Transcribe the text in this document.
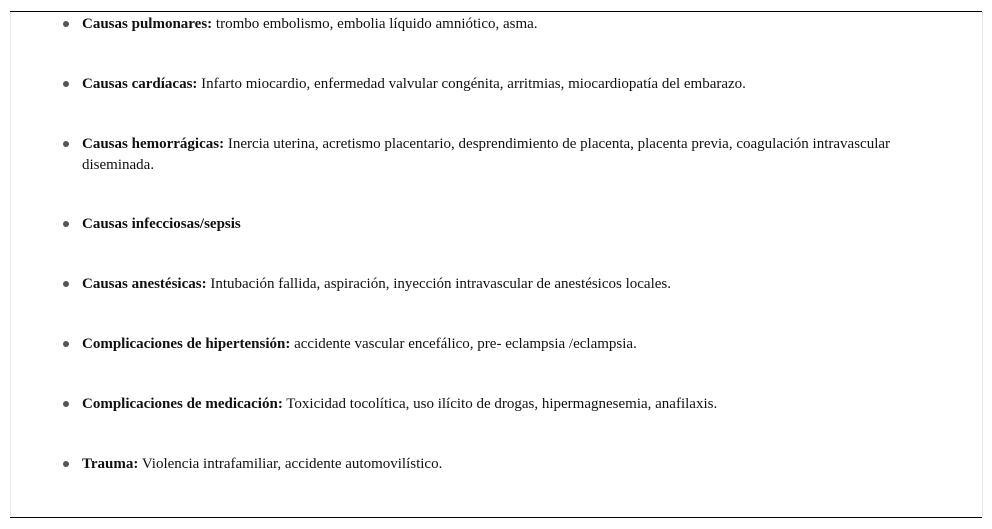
Causas pulmonares: trombo embolismo, embolia líquido amniótico, asma.
Causas cardíacas: Infarto miocardio, enfermedad valvular congénita, arritmias, miocardiopatía del embarazo.
Causas hemorrágicas: Inercia uterina, acretismo placentario, desprendimiento de placenta, placenta previa, coagulación intravascular diseminada.
Causas infecciosas/sepsis
Causas anestésicas: Intubación fallida, aspiración, inyección intravascular de anestésicos locales.
Complicaciones de hipertensión: accidente vascular encefálico, pre- eclampsia /eclampsia.
Complicaciones de medicación: Toxicidad tocolítica, uso ilícito de drogas, hipermagnesemia, anafilaxis.
Trauma: Violencia intrafamiliar, accidente automovilístico.
